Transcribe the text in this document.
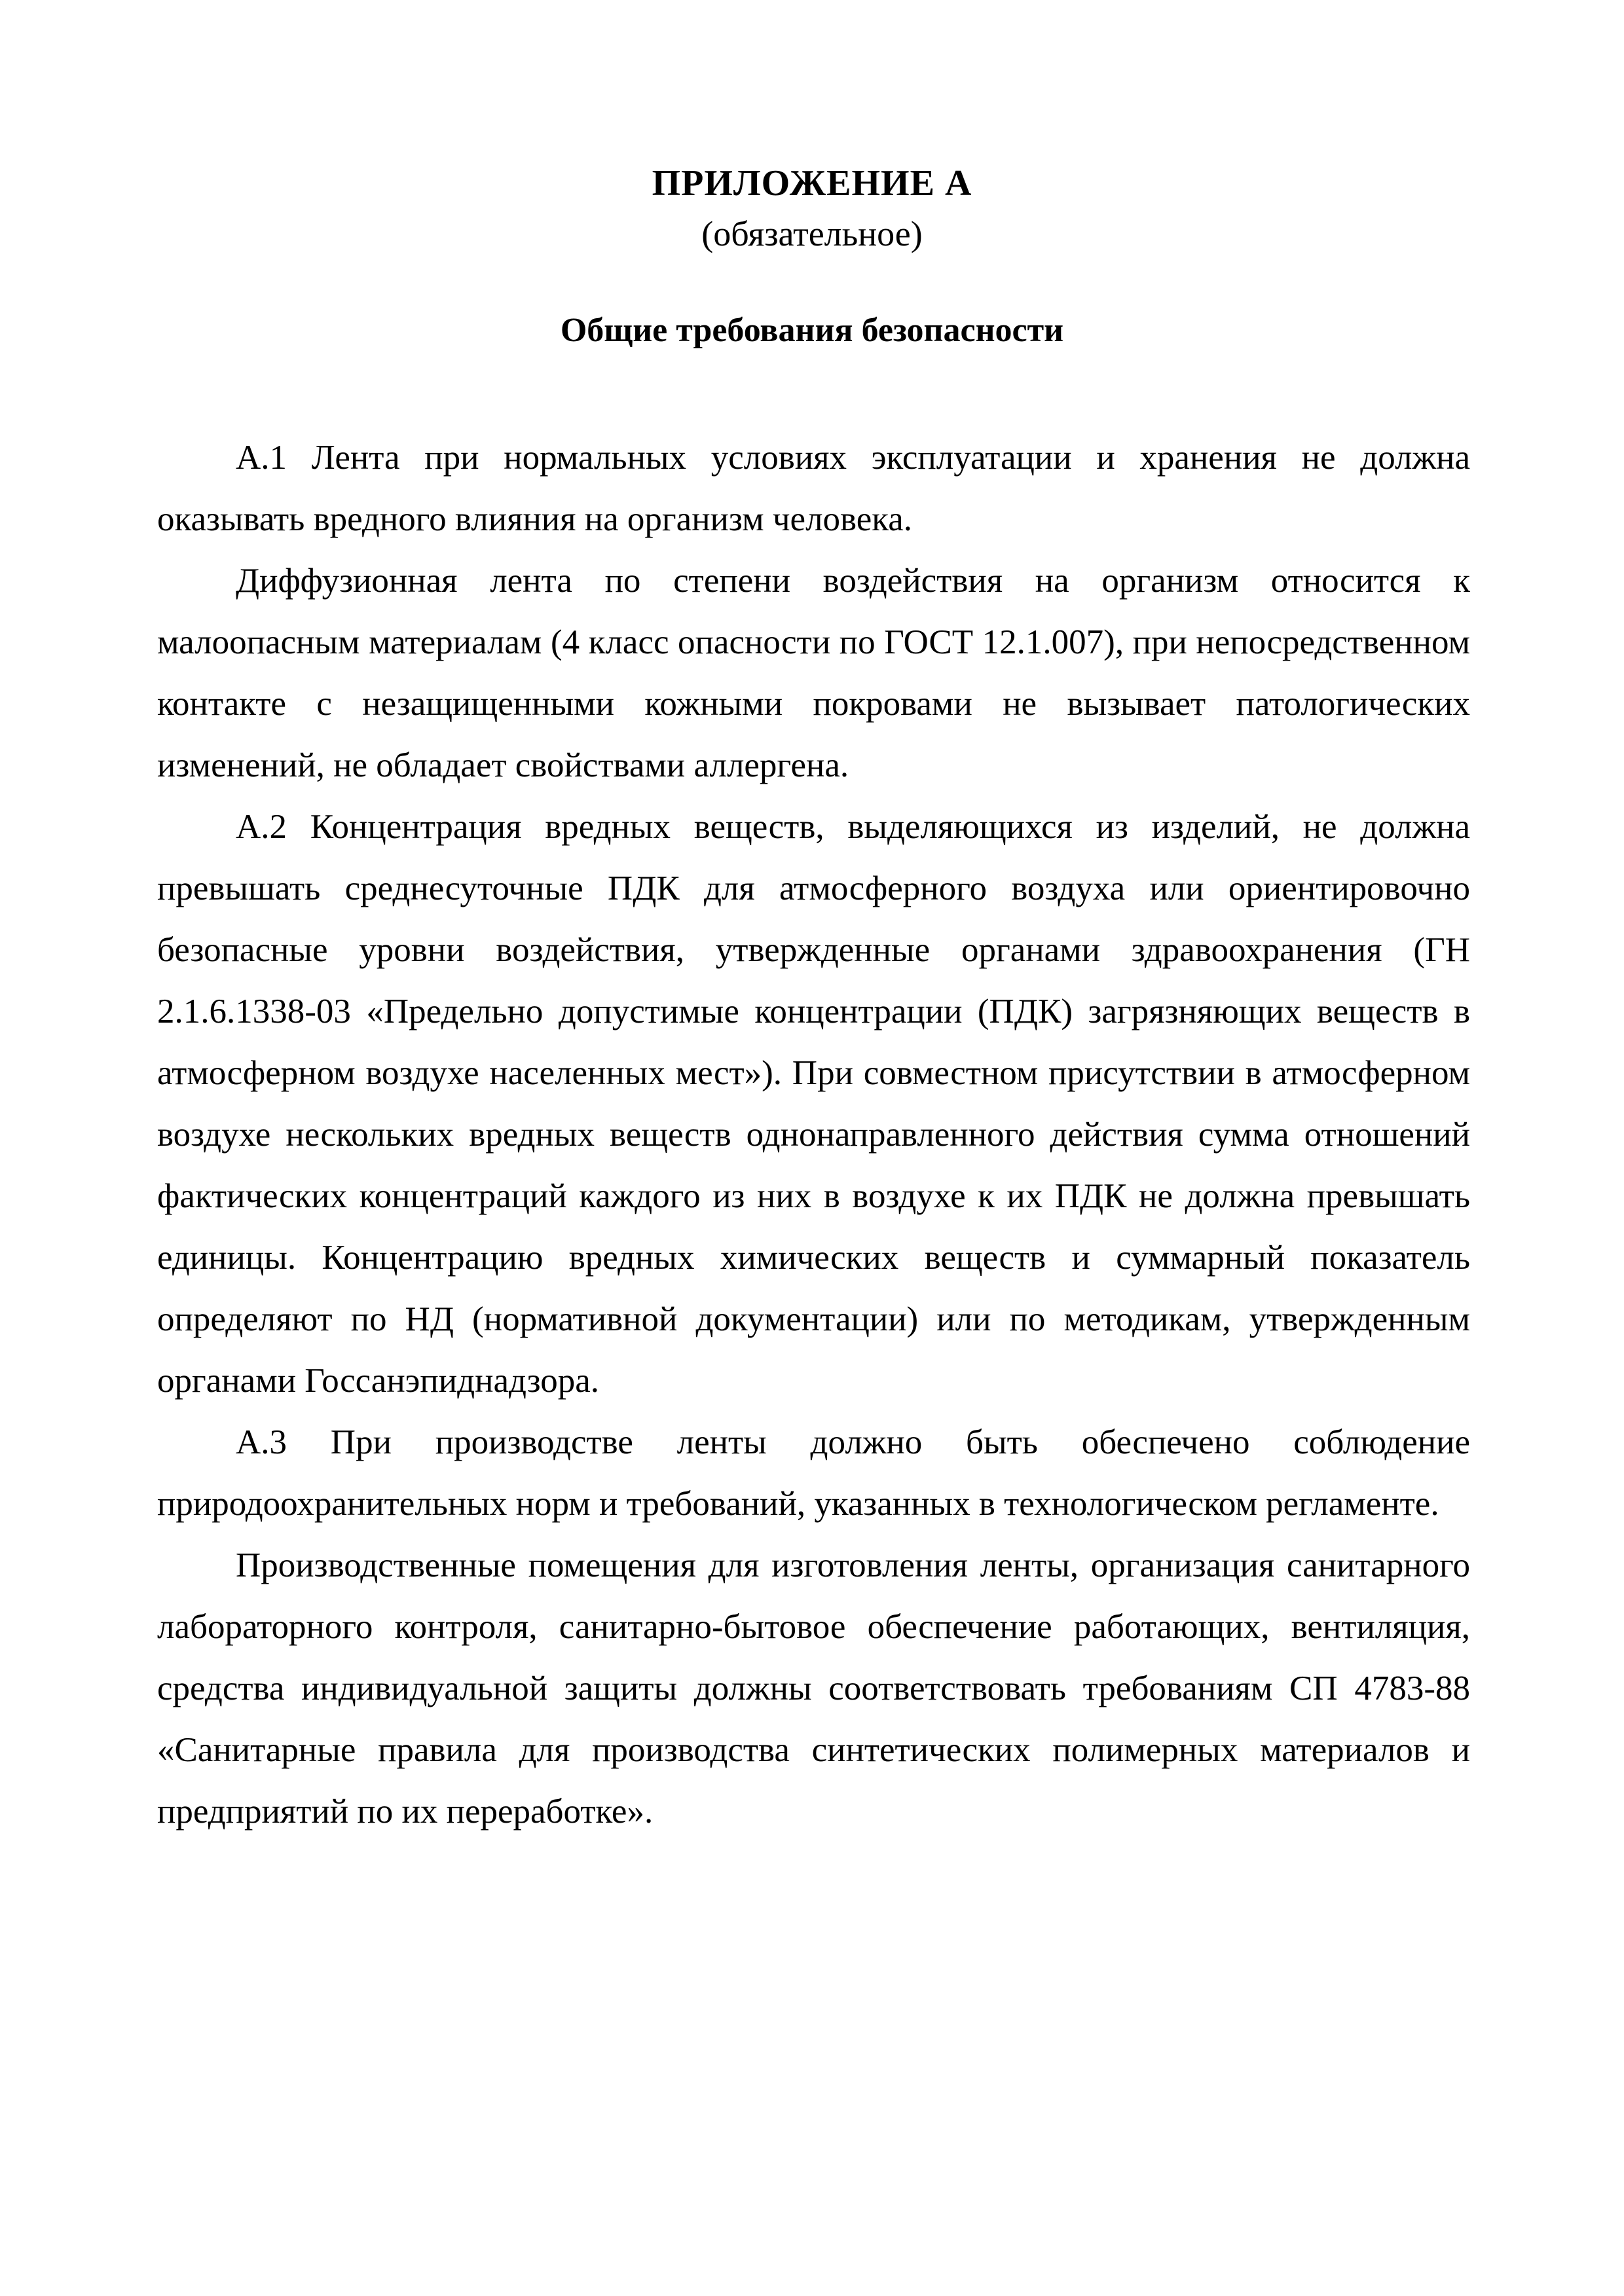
ПРИЛОЖЕНИЕ А
(обязательное)
Общие требования безопасности

А.1 Лента при нормальных условиях эксплуатации и хранения не должна оказывать вредного влияния на организм человека.

Диффузионная лента по степени воздействия на организм относится к малоопасным материалам (4 класс опасности по ГОСТ 12.1.007), при непосредственном контакте с незащищенными кожными покровами не вызывает патологических изменений, не обладает свойствами аллергена.

А.2 Концентрация вредных веществ, выделяющихся из изделий, не должна превышать среднесуточные ПДК для атмосферного воздуха или ориентировочно безопасные уровни воздействия, утвержденные органами здравоохранения (ГН 2.1.6.1338-03 «Предельно допустимые концентрации (ПДК) загрязняющих веществ в атмосферном воздухе населенных мест»). При совместном присутствии в атмосферном воздухе нескольких вредных веществ однонаправленного действия сумма отношений фактических концентраций каждого из них в воздухе к их ПДК не должна превышать единицы. Концентрацию вредных химических веществ и суммарный показатель определяют по НД (нормативной документации) или по методикам, утвержденным органами Госсанэпиднадзора.

А.3 При производстве ленты должно быть обеспечено соблюдение природоохранительных норм и требований, указанных в технологическом регламенте.

Производственные помещения для изготовления ленты, организация санитарного лабораторного контроля, санитарно-бытовое обеспечение работающих, вентиляция, средства индивидуальной защиты должны соответствовать требованиям СП 4783-88 «Санитарные правила для производства синтетических полимерных материалов и предприятий по их переработке».
